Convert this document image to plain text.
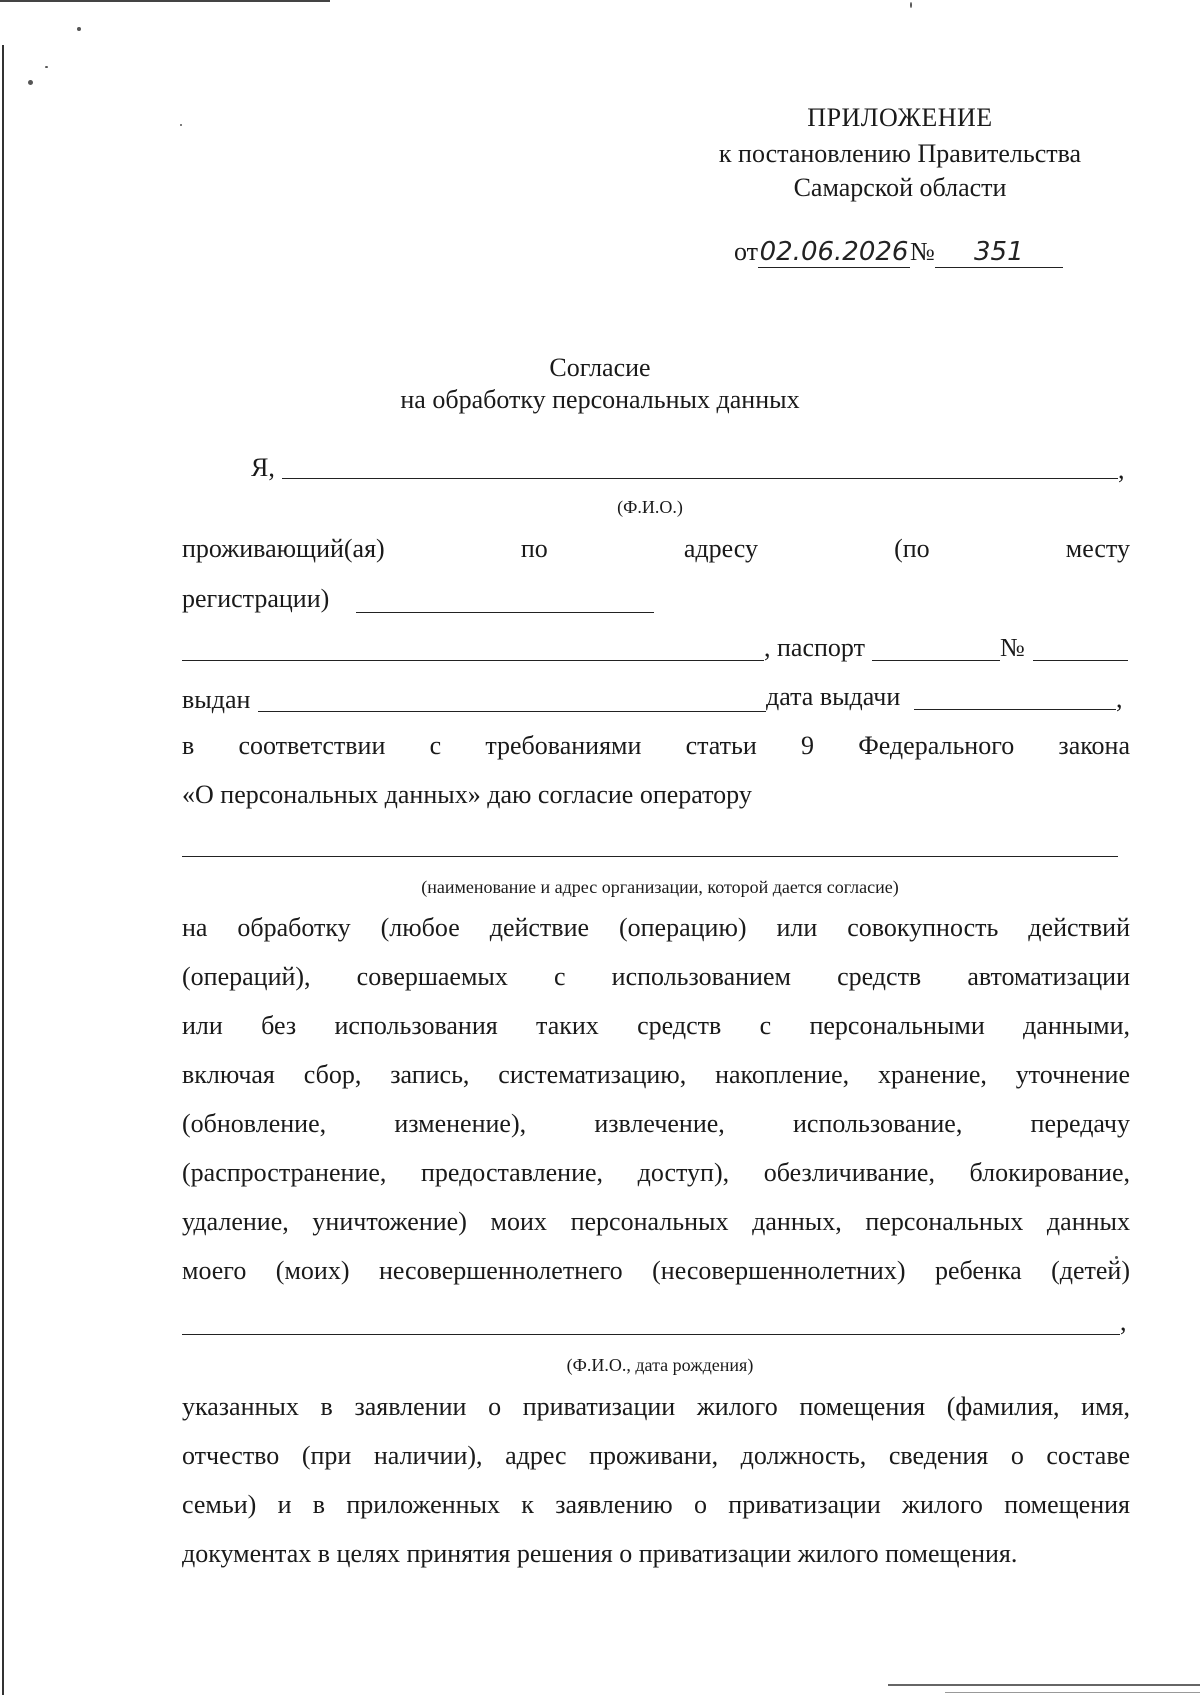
ПРИЛОЖЕНИЕ
к постановлению Правительства
Самарской области
от02.06.2026№ 351
Согласие
на обработку персональных данных
Я,	,
(Ф.И.О.)
проживающий(ая)	по	адресу	(по	месту
регистрации)
, паспорт	№
выдан	дата выдачи	,
в соответствии с требованиями статьи 9 Федерального закона
«О персональных данных» даю согласие оператору
(наименование и адрес организации, которой дается согласие)
на обработку (любое действие (операцию) или совокупность действий
(операций), совершаемых с использованием средств автоматизации
или без использования таких средств с персональными данными,
включая сбор, запись, систематизацию, накопление, хранение, уточнение
(обновление, изменение), извлечение, использование, передачу
(распространение, предоставление, доступ), обезличивание, блокирование,
удаление, уничтожение) моих персональных данных, персональных данных
моего (моих) несовершеннолетнего (несовершеннолетних) ребенка (детей)
,
(Ф.И.О., дата рождения)
указанных в заявлении о приватизации жилого помещения (фамилия, имя,
отчество (при наличии), адрес проживани, должность, сведения о составе
семьи) и в приложенных к заявлению о приватизации жилого помещения
документах в целях принятия решения о приватизации жилого помещения.
